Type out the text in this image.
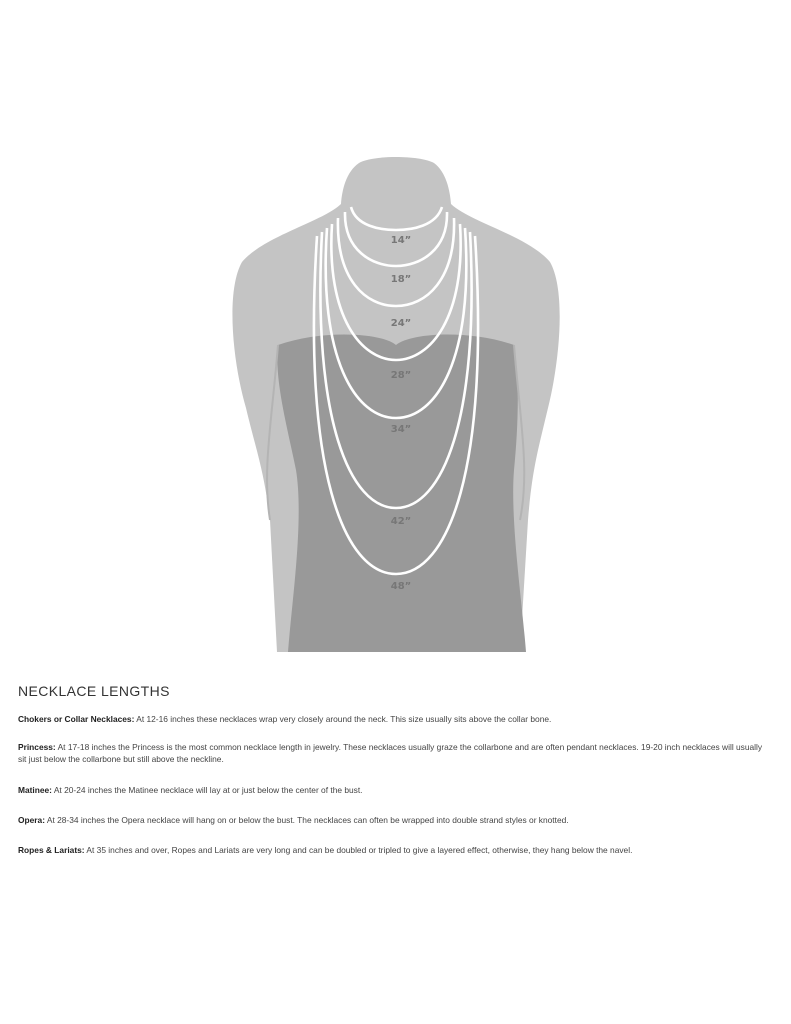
14”
18”
24”
28”
34”
42”
48”
NECKLACE LENGTHS

Chokers or Collar Necklaces: At 12-16 inches these necklaces wrap very closely around the neck. This size usually sits above the collar bone.

Princess: At 17-18 inches the Princess is the most common necklace length in jewelry. These necklaces usually graze the collarbone and are often pendant necklaces. 19-20 inch necklaces will usually sit just below the collarbone but still above the neckline.

Matinee: At 20-24 inches the Matinee necklace will lay at or just below the center of the bust.

Opera: At 28-34 inches the Opera necklace will hang on or below the bust. The necklaces can often be wrapped into double strand styles or knotted.

Ropes & Lariats: At 35 inches and over, Ropes and Lariats are very long and can be doubled or tripled to give a layered effect, otherwise, they hang below the navel.
